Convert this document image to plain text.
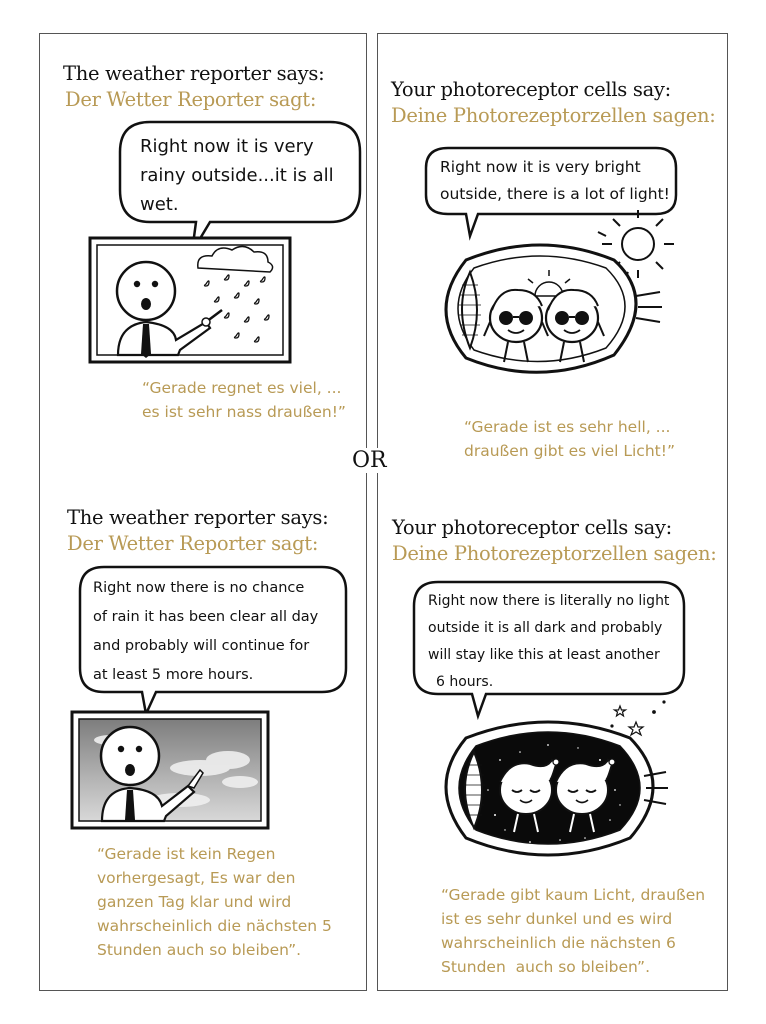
The weather reporter says:
Der Wetter Reporter sagt:
Right now it is very
rainy outside...it is all
wet.
“Gerade regnet es viel, ...
es ist sehr nass draußen!”
Your photoreceptor cells say:
Deine Photorezeptorzellen sagen:
Right now it is very bright
outside, there is a lot of light!
“Gerade ist es sehr hell, ...
draußen gibt es viel Licht!”
OR
The weather reporter says:
Der Wetter Reporter sagt:
Right now there is no chance
of rain it has been clear all day
and probably will continue for
at least 5 more hours.
“Gerade ist kein Regen
vorhergesagt, Es war den
ganzen Tag klar und wird
wahrscheinlich die nächsten 5
Stunden auch so bleiben”.
Your photoreceptor cells say:
Deine Photorezeptorzellen sagen:
Right now there is literally no light
outside it is all dark and probably
will stay like this at least another
6 hours.
“Gerade gibt kaum Licht, draußen
ist es sehr dunkel und es wird
wahrscheinlich die nächsten 6
Stunden  auch so bleiben”.
